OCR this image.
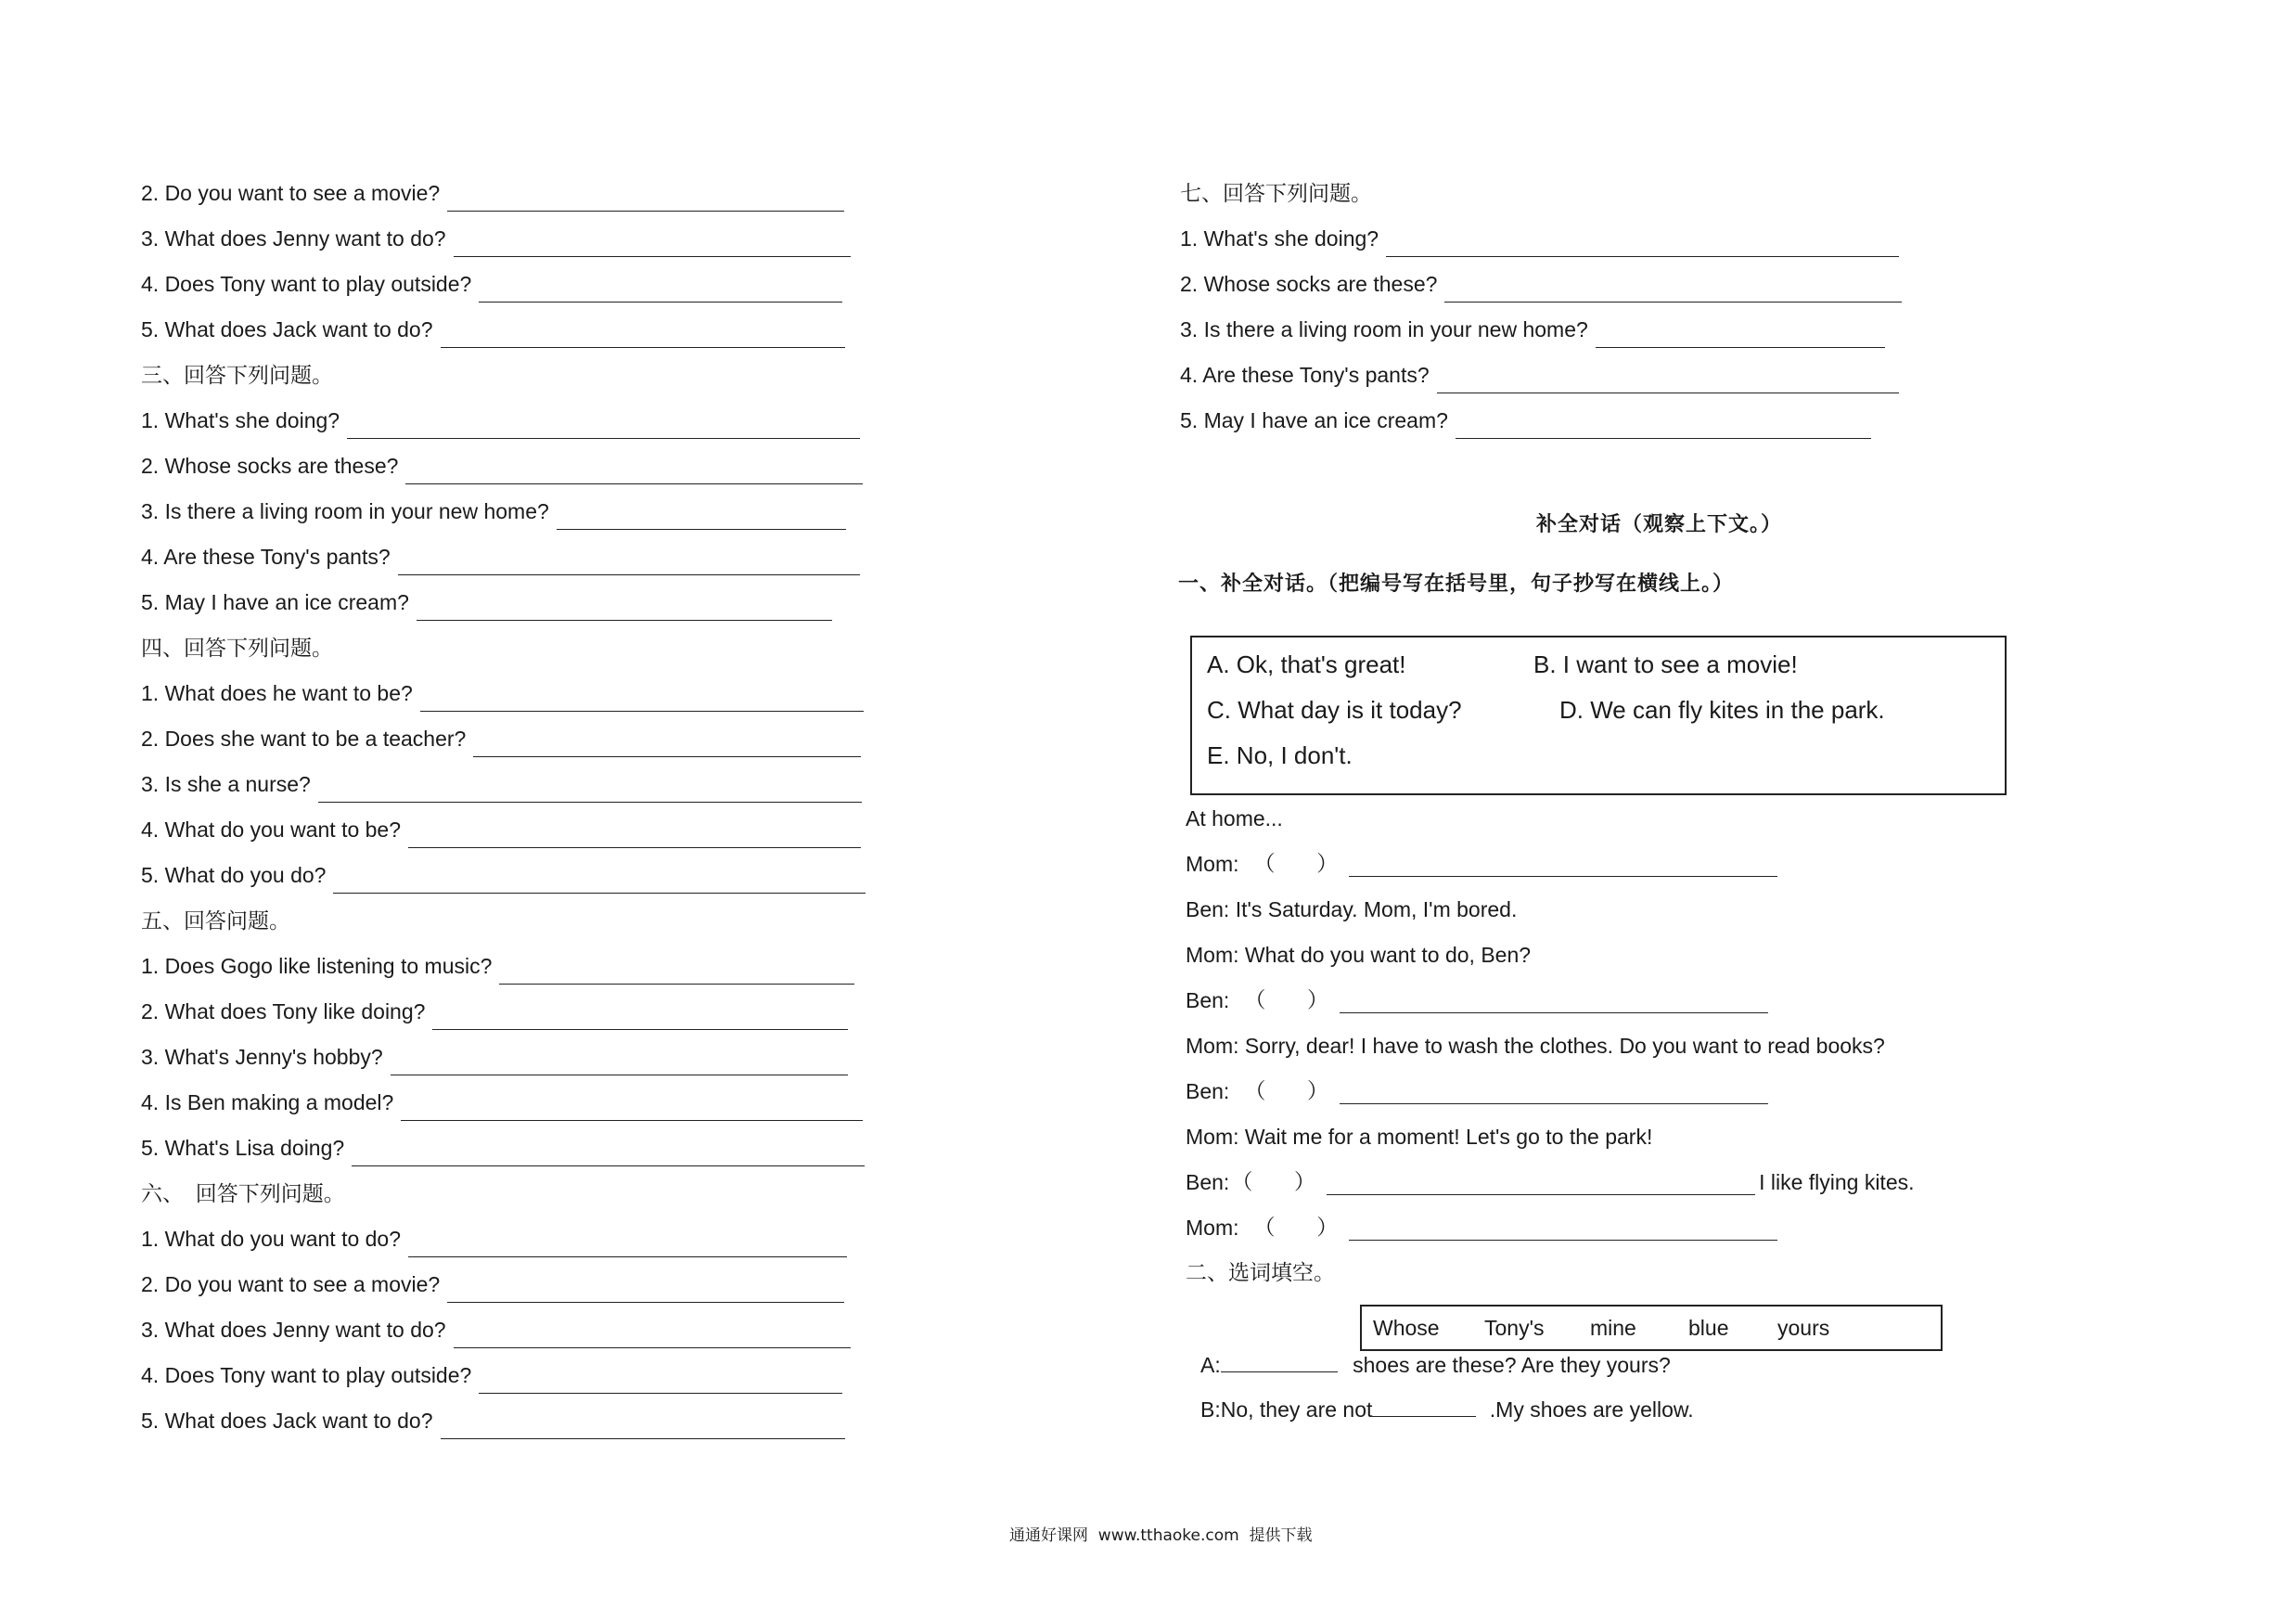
2. Do you want to see a movie?
3. What does Jenny want to do?
4. Does Tony want to play outside?
5. What does Jack want to do?
三、回答下列问题。
1. What's she doing?
2. Whose socks are these?
3. Is there a living room in your new home?
4. Are these Tony's pants?
5. May I have an ice cream?
四、回答下列问题。
1. What does he want to be?
2. Does she want to be a teacher?
3. Is she a nurse?
4. What do you want to be?
5. What do you do?
五、回答问题。
1. Does Gogo like listening to music?
2. What does Tony like doing?
3. What's Jenny's hobby?
4. Is Ben making a model?
5. What's Lisa doing?
六、  回答下列问题。
1. What do you want to do?
2. Do you want to see a movie?
3. What does Jenny want to do?
4. Does Tony want to play outside?
5. What does Jack want to do?
七、回答下列问题。
1. What's she doing?
2. Whose socks are these?
3. Is there a living room in your new home?
4. Are these Tony's pants?
5. May I have an ice cream?
补全对话（观察上下文。）
一、补全对话。（把编号写在括号里，句子抄写在横线上。）
A. Ok, that's great!	B. I want to see a movie!
C. What day is it today?	D. We can fly kites in the park.
E. No, I don't.
At home...
Mom: （       ）
Ben: It's Saturday. Mom, I'm bored.
Mom: What do you want to do, Ben?
Ben: （       ）
Mom: Sorry, dear! I have to wash the clothes. Do you want to read books?
Ben: （       ）
Mom: Wait me for a moment! Let's go to the park!
Ben: （       ）	I like flying kites.
Mom: （       ）
二、选词填空。
Whose Tony's mine blue yours
A:	shoes are these? Are they yours?
B:No, they are not	.My shoes are yellow.
通通好课网  www.tthaoke.com  提供下载
